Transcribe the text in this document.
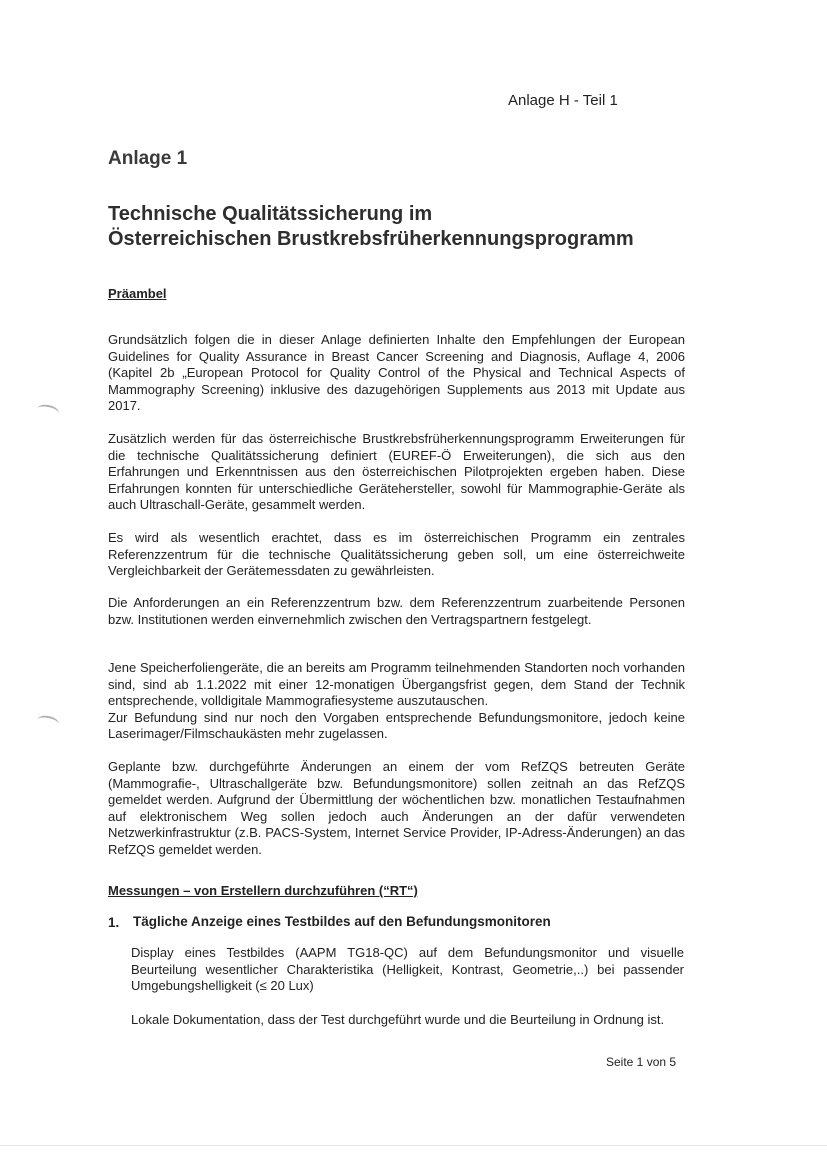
Anlage H - Teil 1
Anlage 1
Technische Qualitätssicherung im
Österreichischen Brustkrebsfrüherkennungsprogramm
Präambel
Grundsätzlich folgen die in dieser Anlage definierten Inhalte den Empfehlungen der European Guidelines for Quality Assurance in Breast Cancer Screening and Diagnosis, Auflage 4, 2006 (Kapitel 2b „European Protocol for Quality Control of the Physical and Technical Aspects of Mammography Screening) inklusive des dazugehörigen Supplements aus 2013 mit Update aus 2017.
Zusätzlich werden für das österreichische Brustkrebsfrüherkennungsprogramm Erweiterungen für die technische Qualitätssicherung definiert (EUREF-Ö Erweiterungen), die sich aus den Erfahrungen und Erkenntnissen aus den österreichischen Pilotprojekten ergeben haben. Diese Erfahrungen konnten für unterschiedliche Gerätehersteller, sowohl für Mammographie-Geräte als auch Ultraschall-Geräte, gesammelt werden.
Es wird als wesentlich erachtet, dass es im österreichischen Programm ein zentrales Referenzzentrum für die technische Qualitätssicherung geben soll, um eine österreichweite Vergleichbarkeit der Gerätemessdaten zu gewährleisten.
Die Anforderungen an ein Referenzzentrum bzw. dem Referenzzentrum zuarbeitende Personen bzw. Institutionen werden einvernehmlich zwischen den Vertragspartnern festgelegt.

Jene Speicherfoliengeräte, die an bereits am Programm teilnehmenden Standorten noch vorhanden sind, sind ab 1.1.2022 mit einer 12-monatigen Übergangsfrist gegen, dem Stand der Technik entsprechende, volldigitale Mammografiesysteme auszutauschen.

Zur Befundung sind nur noch den Vorgaben entsprechende Befundungsmonitore, jedoch keine Laserimager/Filmschaukästen mehr zugelassen.

Geplante bzw. durchgeführte Änderungen an einem der vom RefZQS betreuten Geräte (Mammografie-, Ultraschallgeräte bzw. Befundungsmonitore) sollen zeitnah an das RefZQS gemeldet werden. Aufgrund der Übermittlung der wöchentlichen bzw. monatlichen Testaufnahmen auf elektronischem Weg sollen jedoch auch Änderungen an der dafür verwendeten Netzwerkinfrastruktur (z.B. PACS-System, Internet Service Provider, IP-Adress-Änderungen) an das RefZQS gemeldet werden.
Messungen – von Erstellern durchzuführen (“RT“)
1. Tägliche Anzeige eines Testbildes auf den Befundungsmonitoren
Display eines Testbildes (AAPM TG18-QC) auf dem Befundungsmonitor und visuelle Beurteilung wesentlicher Charakteristika (Helligkeit, Kontrast, Geometrie,..) bei passender Umgebungshelligkeit (≤ 20 Lux)
Lokale Dokumentation, dass der Test durchgeführt wurde und die Beurteilung in Ordnung ist.
Seite 1 von 5
